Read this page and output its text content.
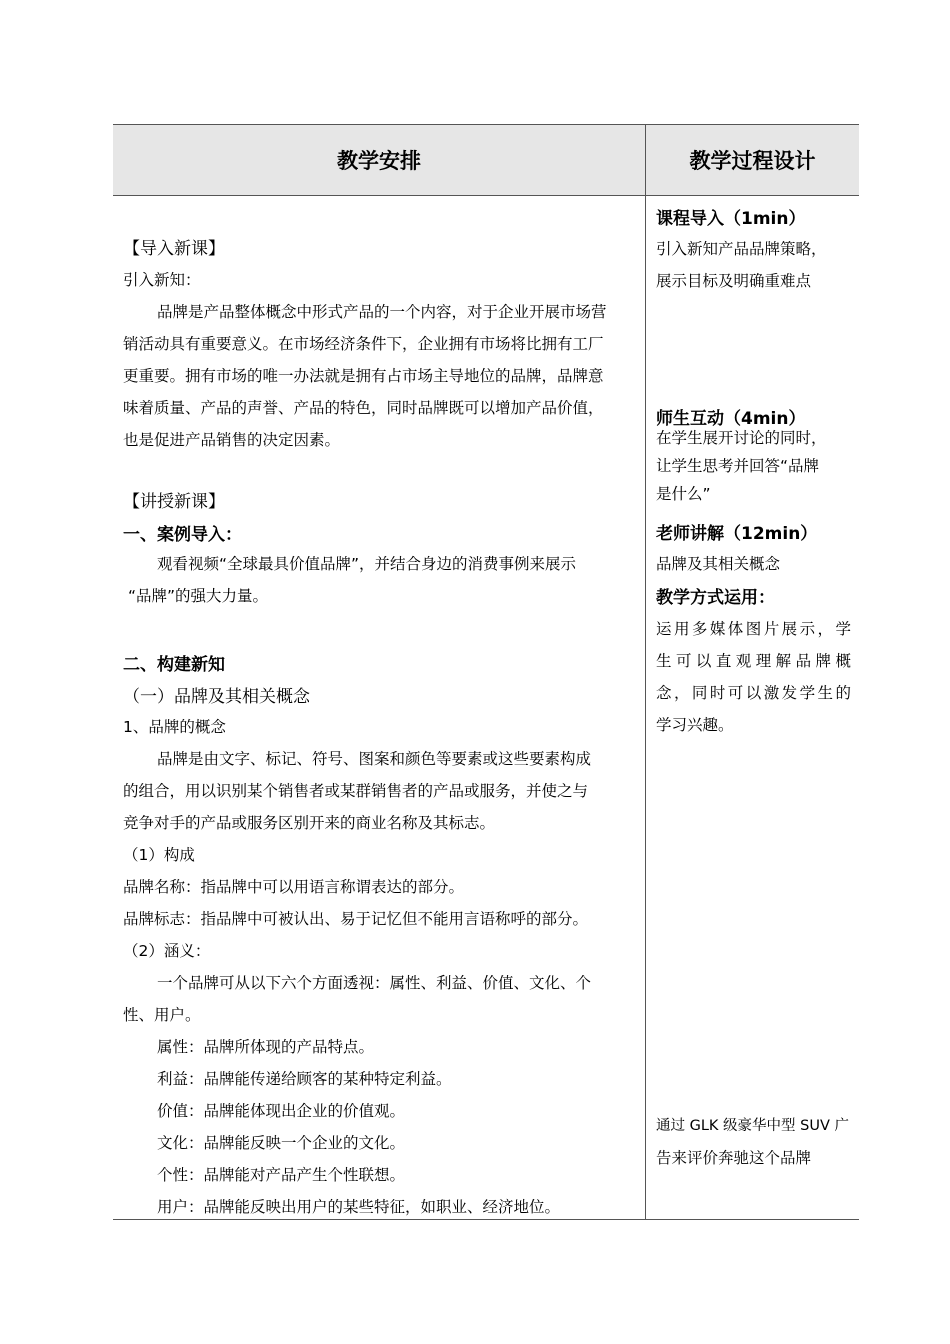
教学安排	教学过程设计
【导入新课】
引入新知：
品牌是产品整体概念中形式产品的一个内容，对于企业开展市场营
销活动具有重要意义。在市场经济条件下，企业拥有市场将比拥有工厂
更重要。拥有市场的唯一办法就是拥有占市场主导地位的品牌，品牌意
味着质量、产品的声誉、产品的特色，同时品牌既可以增加产品价值，
也是促进产品销售的决定因素。
【讲授新课】
一、案例导入：
观看视频“全球最具价值品牌”，并结合身边的消费事例来展示
“品牌”的强大力量。
二、构建新知
（一）品牌及其相关概念
1、品牌的概念
品牌是由文字、标记、符号、图案和颜色等要素或这些要素构成
的组合，用以识别某个销售者或某群销售者的产品或服务，并使之与
竞争对手的产品或服务区别开来的商业名称及其标志。
（1）构成
品牌名称：指品牌中可以用语言称谓表达的部分。
品牌标志：指品牌中可被认出、易于记忆但不能用言语称呼的部分。
（2）涵义：
一个品牌可从以下六个方面透视：属性、利益、价值、文化、个
性、用户。
属性：品牌所体现的产品特点。
利益：品牌能传递给顾客的某种特定利益。
价值：品牌能体现出企业的价值观。
文化：品牌能反映一个企业的文化。
个性：品牌能对产品产生个性联想。
用户：品牌能反映出用户的某些特征，如职业、经济地位。
课程导入（1min）
引入新知产品品牌策略，
展示目标及明确重难点
师生互动（4min）
在学生展开讨论的同时，
让学生思考并回答“品牌
是什么”
老师讲解（12min）
品牌及其相关概念
教学方式运用：
运用多媒体图片展示，学
生可以直观理解品牌概
念，同时可以激发学生的
学习兴趣。
通过 GLK 级豪华中型 SUV 广
告来评价奔驰这个品牌
